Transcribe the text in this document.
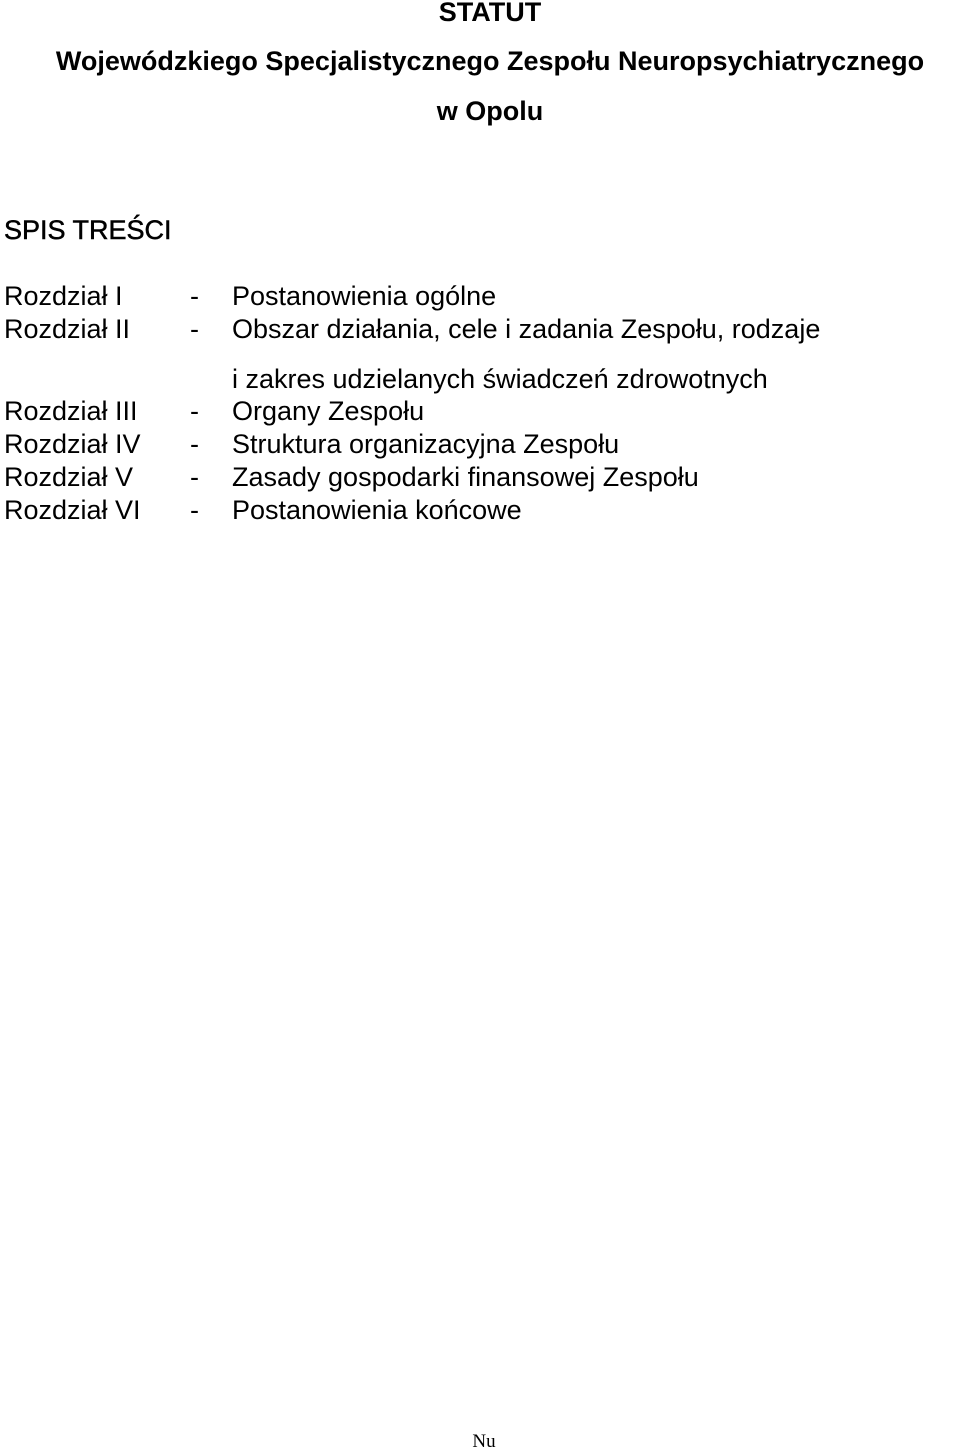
STATUT
Wojewódzkiego Specjalistycznego Zespołu Neuropsychiatrycznego
w Opolu
SPIS TREŚCI
Rozdział I - Postanowienia ogólne
Rozdział II - Obszar działania, cele i zadania Zespołu, rodzaje
i zakres udzielanych świadczeń zdrowotnych
Rozdział III - Organy Zespołu
Rozdział IV - Struktura organizacyjna Zespołu
Rozdział V - Zasady gospodarki finansowej Zespołu
Rozdział VI - Postanowienia końcowe
Nu
